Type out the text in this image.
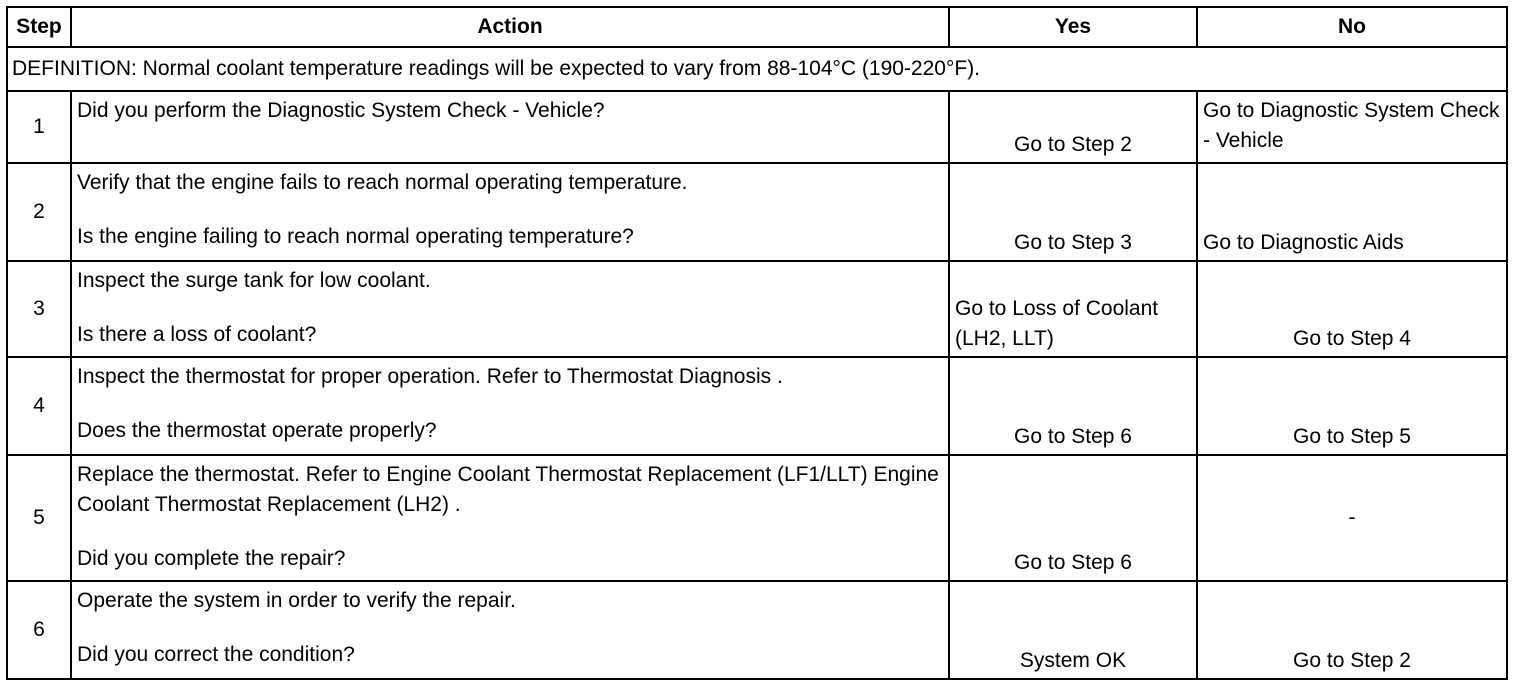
Step	Action	Yes	No
DEFINITION: Normal coolant temperature readings will be expected to vary from 88-104°C (190-220°F).			
1	Did you perform the Diagnostic System Check - Vehicle?	Go to Step 2	Go to Diagnostic System Check - Vehicle
2	Verify that the engine fails to reach normal operating temperature.

Is the engine failing to reach normal operating temperature?	Go to Step 3	Go to Diagnostic Aids
3	Inspect the surge tank for low coolant.

Is there a loss of coolant?	Go to Loss of Coolant (LH2, LLT)	Go to Step 4
4	Inspect the thermostat for proper operation. Refer to Thermostat Diagnosis .

Does the thermostat operate properly?	Go to Step 6	Go to Step 5
5	Replace the thermostat. Refer to Engine Coolant Thermostat Replacement (LF1/LLT) Engine Coolant Thermostat Replacement (LH2) .

Did you complete the repair?	Go to Step 6	-
6	Operate the system in order to verify the repair.

Did you correct the condition?	System OK	Go to Step 2
